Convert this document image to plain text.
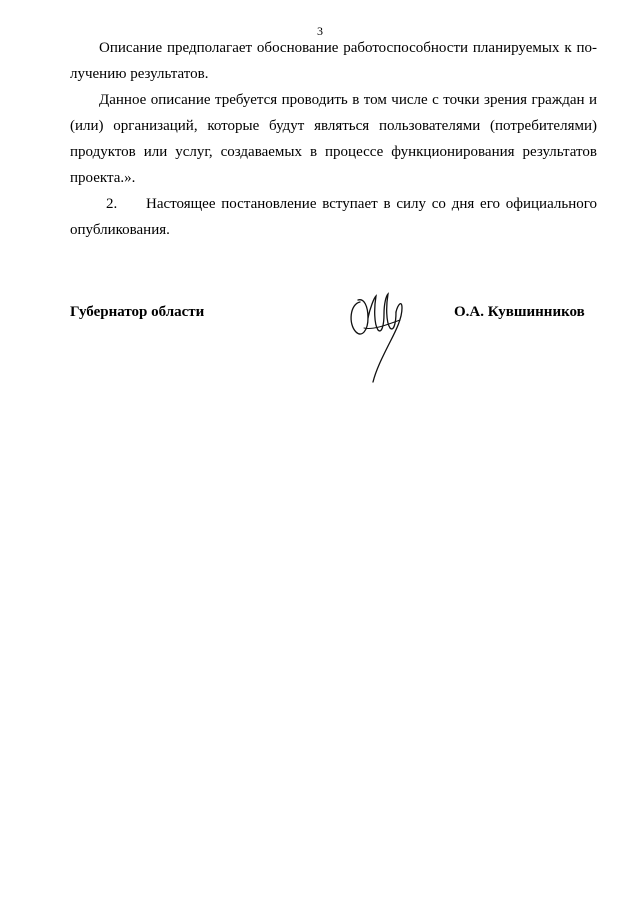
3
Описание предполагает обоснование работоспособности планируемых к по-
лучению результатов.
Данное описание требуется проводить в том числе с точки зрения граждан и
(или) организаций, которые будут являться пользователями (потребителями)
продуктов или услуг, создаваемых в процессе функционирования результатов
проекта.».
2. Настоящее постановление вступает в силу со дня его официального
опубликования.
Губернатор области	О.А. Кувшинников
